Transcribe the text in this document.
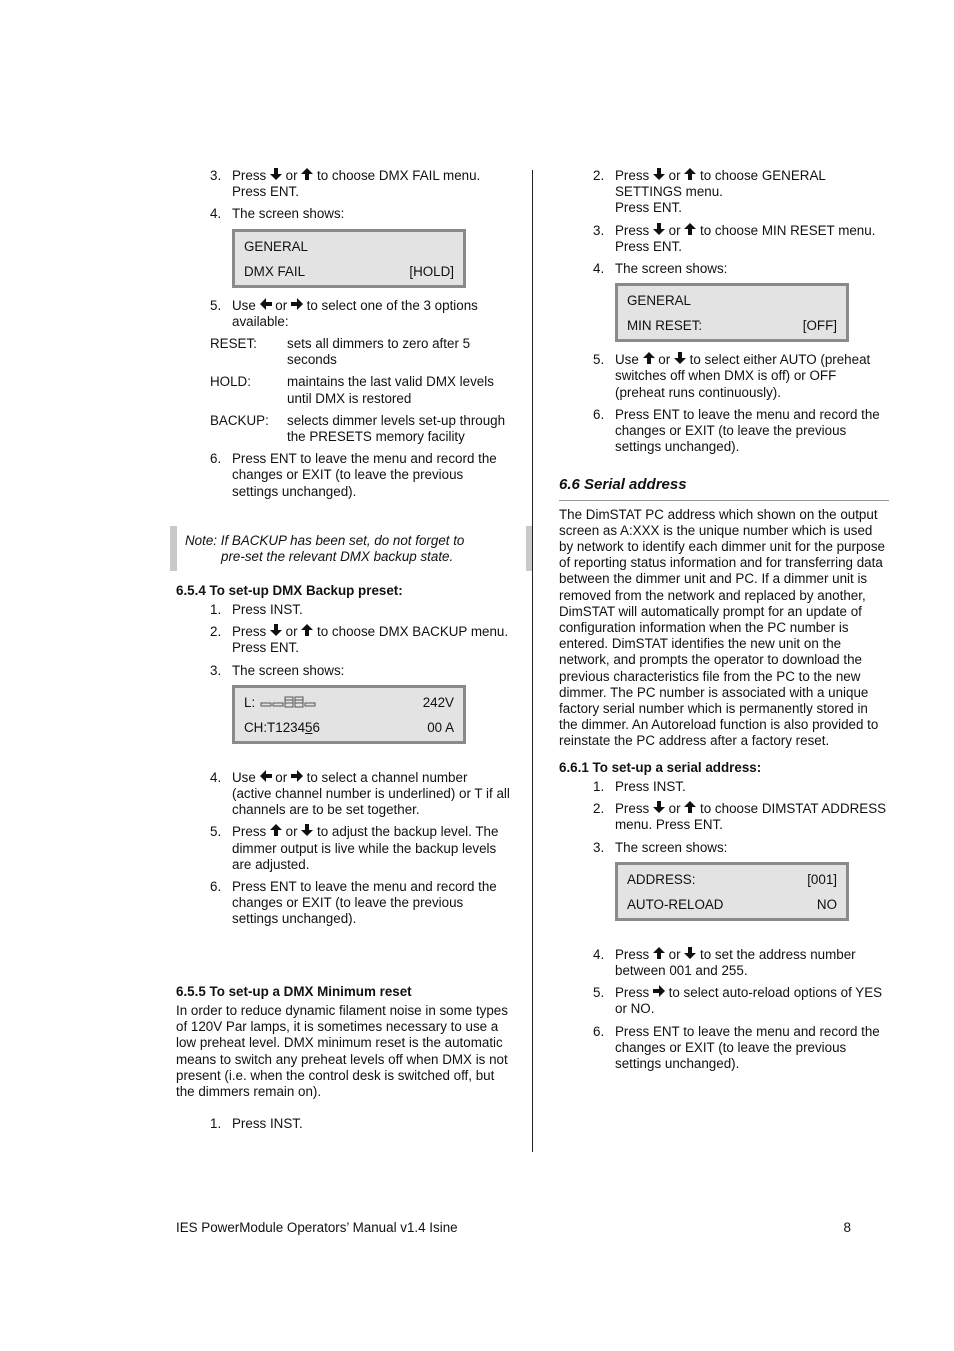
3. Press
or
to choose DMX FAIL menu. Press ENT.
4. The screen shows:
GENERAL
DMX FAIL	[HOLD]
5. Use
or
to select one of the 3 options available:
RESET: sets all dimmers to zero after 5 seconds
HOLD:	maintains the last valid DMX levels until DMX is restored
BACKUP: selects dimmer levels set-up through the PRESETS memory facility
6. Press ENT to leave the menu and record the changes or EXIT (to leave the previous settings unchanged).
Note: If BACKUP has been set, do not forget to
pre-set the relevant DMX backup state.
6.5.4 To set-up DMX Backup preset:
1. Press INST.
2. Press
or
to choose DMX BACKUP menu. Press ENT.
3. The screen shows:
L:	242V
CH:T123456	00 A
4. Use
or
to select a channel number (active channel number is underlined) or T if all channels are to be set together.
5. Press
or
to adjust the backup level. The dimmer output is live while the backup levels are adjusted.
6. Press ENT to leave the menu and record the changes or EXIT (to leave the previous settings unchanged).
6.5.5 To set-up a DMX Minimum reset
In order to reduce dynamic filament noise in some types of 120V Par lamps, it is sometimes necessary to use a low preheat level. DMX minimum reset is the automatic means to switch any preheat levels off when DMX is not present (i.e. when the control desk is switched off, but the dimmers remain on).
1. Press INST.
2. Press
or
to choose GENERAL SETTINGS menu.
Press ENT.
3. Press
or
to choose MIN RESET menu. Press ENT.
4. The screen shows:
GENERAL
MIN RESET:	[OFF]
5. Use
or
to select either AUTO (preheat switches off when DMX is off) or OFF (preheat runs continuously).
6. Press ENT to leave the menu and record the changes or EXIT (to leave the previous settings unchanged).
6.6 Serial address
The DimSTAT PC address which shown on the output screen as A:XXX is the unique number which is used by network to identify each dimmer unit for the purpose of reporting status information and for transferring data between the dimmer unit and PC. If a dimmer unit is removed from the network and replaced by another, DimSTAT will automatically prompt for an update of configuration information when the PC number is entered. DimSTAT identifies the new unit on the network, and prompts the operator to download the previous characteristics file from the PC to the new dimmer. The PC number is associated with a unique factory serial number which is permanently stored in the dimmer. An Autoreload function is also provided to reinstate the PC address after a factory reset.
6.6.1 To set-up a serial address:
1. Press INST.
2. Press
or
to choose DIMSTAT ADDRESS menu. Press ENT.
3. The screen shows:
ADDRESS:	[001]
AUTO-RELOAD	NO
4. Press
or
to set the address number between 001 and 255.
5. Press
to select auto-reload options of YES or NO.
6. Press ENT to leave the menu and record the changes or EXIT (to leave the previous settings unchanged).
IES PowerModule Operators’ Manual v1.4 Isine	8
